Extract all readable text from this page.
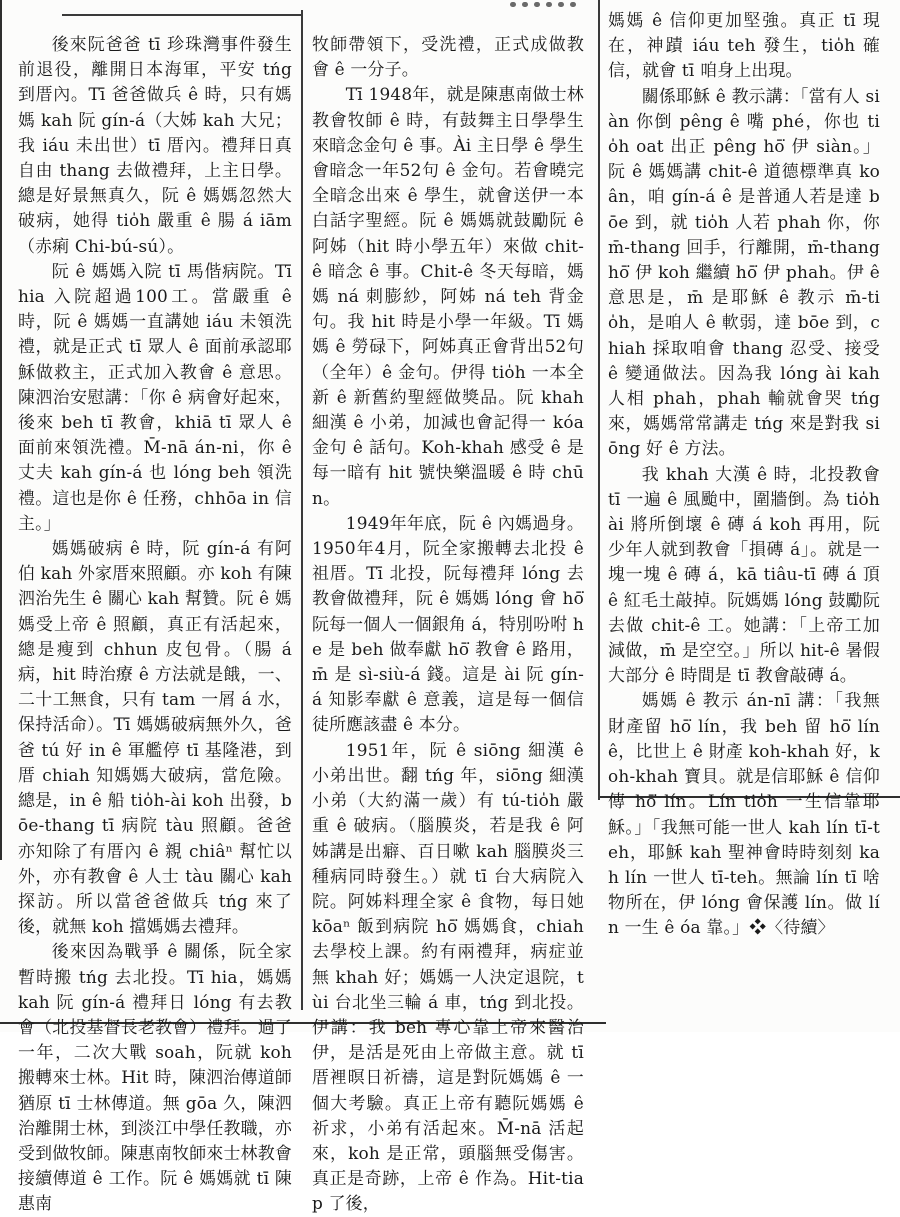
後來阮爸爸 tī 珍珠灣事件發生前退役，離開日本海軍，平安 tńg 到厝內。Tī 爸爸做兵 ê 時，只有媽媽 kah 阮 gín-á（大姊 kah 大兄；我 iáu 未出世）tī 厝內。禮拜日真自由 thang 去做禮拜，上主日學。總是好景無真久，阮 ê 媽媽忽然大破病，她得 tio̍h 嚴重 ê 腸 á iām（赤痢 Chi-bú-sú）。

阮 ê 媽媽入院 tī 馬偕病院。Tī hia 入院超過100工。當嚴重 ê 時，阮 ê 媽媽一直講她 iáu 未領洗禮，就是正式 tī 眾人 ê 面前承認耶穌做救主，正式加入教會 ê 意思。陳泗治安慰講：「你 ê 病會好起來，後來 beh tī 教會，khiā tī 眾人 ê 面前來領洗禮。M̄-nā án-ni，你 ê 丈夫 kah gín-á 也 lóng beh 領洗禮。這也是你 ê 任務，chhōa in 信主。」

媽媽破病 ê 時，阮 gín-á 有阿伯 kah 外家厝來照顧。亦 koh 有陳泗治先生 ê 關心 kah 幫贊。阮 ê 媽媽受上帝 ê 照顧，真正有活起來，總是瘦到 chhun 皮包骨。（腸 á 病，hit 時治療 ê 方法就是餓，一、二十工無食，只有 tam 一屑 á 水，保持活命）。Tī 媽媽破病無外久，爸爸 tú 好 in ê 軍艦停 tī 基隆港，到厝 chiah 知媽媽大破病，當危險。總是，in ê 船 tio̍h-ài koh 出發，bōe-thang tī 病院 tàu 照顧。爸爸亦知除了有厝內 ê 親 chiâⁿ 幫忙以外，亦有教會 ê 人士 tàu 關心 kah 探訪。所以當爸爸做兵 tńg 來了後，就無 koh 擋媽媽去禮拜。

後來因為戰爭 ê 關係，阮全家暫時搬 tńg 去北投。Tī hia，媽媽 kah 阮 gín-á 禮拜日 lóng 有去教會（北投基督長老教會）禮拜。過了一年，二次大戰 soah，阮就 koh 搬轉來士林。Hit 時，陳泗治傳道師猶原 tī 士林傳道。無 gōa 久，陳泗治離開士林，到淡江中學任教職，亦受到做牧師。陳惠南牧師來士林教會接續傳道 ê 工作。阮 ê 媽媽就 tī 陳惠南

牧師帶領下，受洗禮，正式成做教會 ê 一分子。

Tī 1948年，就是陳惠南做士林教會牧師 ê 時，有鼓舞主日學學生來暗念金句 ê 事。Ài 主日學 ê 學生會暗念一年52句 ê 金句。若會曉完全暗念出來 ê 學生，就會送伊一本白話字聖經。阮 ê 媽媽就鼓勵阮 ê 阿姊（hit 時小學五年）來做 chit-ê 暗念 ê 事。Chit-ê 冬天每暗，媽媽 ná 刺膨紗，阿姊 ná teh 背金句。我 hit 時是小學一年級。Tī 媽媽 ê 勞碌下，阿姊真正會背出52句（全年）ê 金句。伊得 tio̍h 一本全新 ê 新舊約聖經做獎品。阮 khah 細漢 ê 小弟，加減也會記得一 kóa 金句 ê 話句。Koh-khah 感受 ê 是每一暗有 hit 號快樂溫暖 ê 時 chūn。

1949年年底，阮 ê 內媽過身。1950年4月，阮全家搬轉去北投 ê 祖厝。Tī 北投，阮每禮拜 lóng 去教會做禮拜，阮 ê 媽媽 lóng 會 hō͘ 阮每一個人一個銀角 á，特別吩咐 he 是 beh 做奉獻 hō͘ 教會 ê 路用，m̄ 是 sì-siù-á 錢。這是 ài 阮 gín-á 知影奉獻 ê 意義，這是每一個信徒所應該盡 ê 本分。

1951年，阮 ê siōng 細漢 ê 小弟出世。翻 tńg 年，siōng 細漢小弟（大約滿一歲）有 tú-tio̍h 嚴重 ê 破病。（腦膜炎，若是我 ê 阿姊講是出癖、百日嗽 kah 腦膜炎三種病同時發生。）就 tī 台大病院入院。阿姊料理全家 ê 食物，每日她 kōaⁿ 飯到病院 hō͘ 媽媽食，chiah 去學校上課。約有兩禮拜，病症並無 khah 好；媽媽一人決定退院，tùi 台北坐三輪 á 車，tńg 到北投。伊講：我 beh 專心靠上帝來醫治伊，是活是死由上帝做主意。就 tī 厝裡暝日祈禱，這是對阮媽媽 ê 一個大考驗。真正上帝有聽阮媽媽 ê 祈求，小弟有活起來。M̄-nā 活起來，koh 是正常，頭腦無受傷害。真正是奇跡，上帝 ê 作為。Hit-tiap 了後，

媽媽 ê 信仰更加堅強。真正 tī 現在，神蹟 iáu teh 發生，tio̍h 確信，就會 tī 咱身上出現。

關係耶穌 ê 教示講：「當有人 siàn 你倒 pêng ê 嘴 phé，你也 tio̍h oat 出正 pêng hō͘ 伊 siàn。」阮 ê 媽媽講 chit-ê 道德標準真 koân，咱 gín-á ê 是普通人若是達 bōe 到，就 tio̍h 人若 phah 你，你 m̄-thang 回手，行離開，m̄-thang hō͘ 伊 koh 繼續 hō͘ 伊 phah。伊 ê 意思是，m̄ 是耶穌 ê 教示 m̄-tio̍h，是咱人 ê 軟弱，達 bōe 到，chiah 採取咱會 thang 忍受、接受 ê 變通做法。因為我 lóng ài kah 人相 phah，phah 輸就會哭 tńg 來，媽媽常常講走 tńg 來是對我 siōng 好 ê 方法。

我 khah 大漢 ê 時，北投教會 tī 一遍 ê 風颱中，圍牆倒。為 tio̍h ài 將所倒壞 ê 磚 á koh 再用，阮少年人就到教會「損磚 á」。就是一塊一塊 ê 磚 á，kā tiâu-tī 磚 á 頂 ê 紅毛土敲掉。阮媽媽 lóng 鼓勵阮去做 chit-ê 工。她講：「上帝工加減做，m̄ 是空空。」所以 hit-ê 暑假大部分 ê 時間是 tī 教會敲磚 á。

媽媽 ê 教示 án-nī 講：「我無財產留 hō͘ lín，我 beh 留 hō͘ lín ê，比世上 ê 財產 koh-khah 好，koh-khah 寶貝。就是信耶穌 ê 信仰傳 hō͘ lín。Lín tio̍h 一生信靠耶穌。」「我無可能一世人 kah lín tī-teh，耶穌 kah 聖神會時時刻刻 kah lín 一世人 tī-teh。無論 lín tī 啥物所在，伊 lóng 會保護 lín。做 lín 一生 ê óa 靠。」❖〈待續〉
